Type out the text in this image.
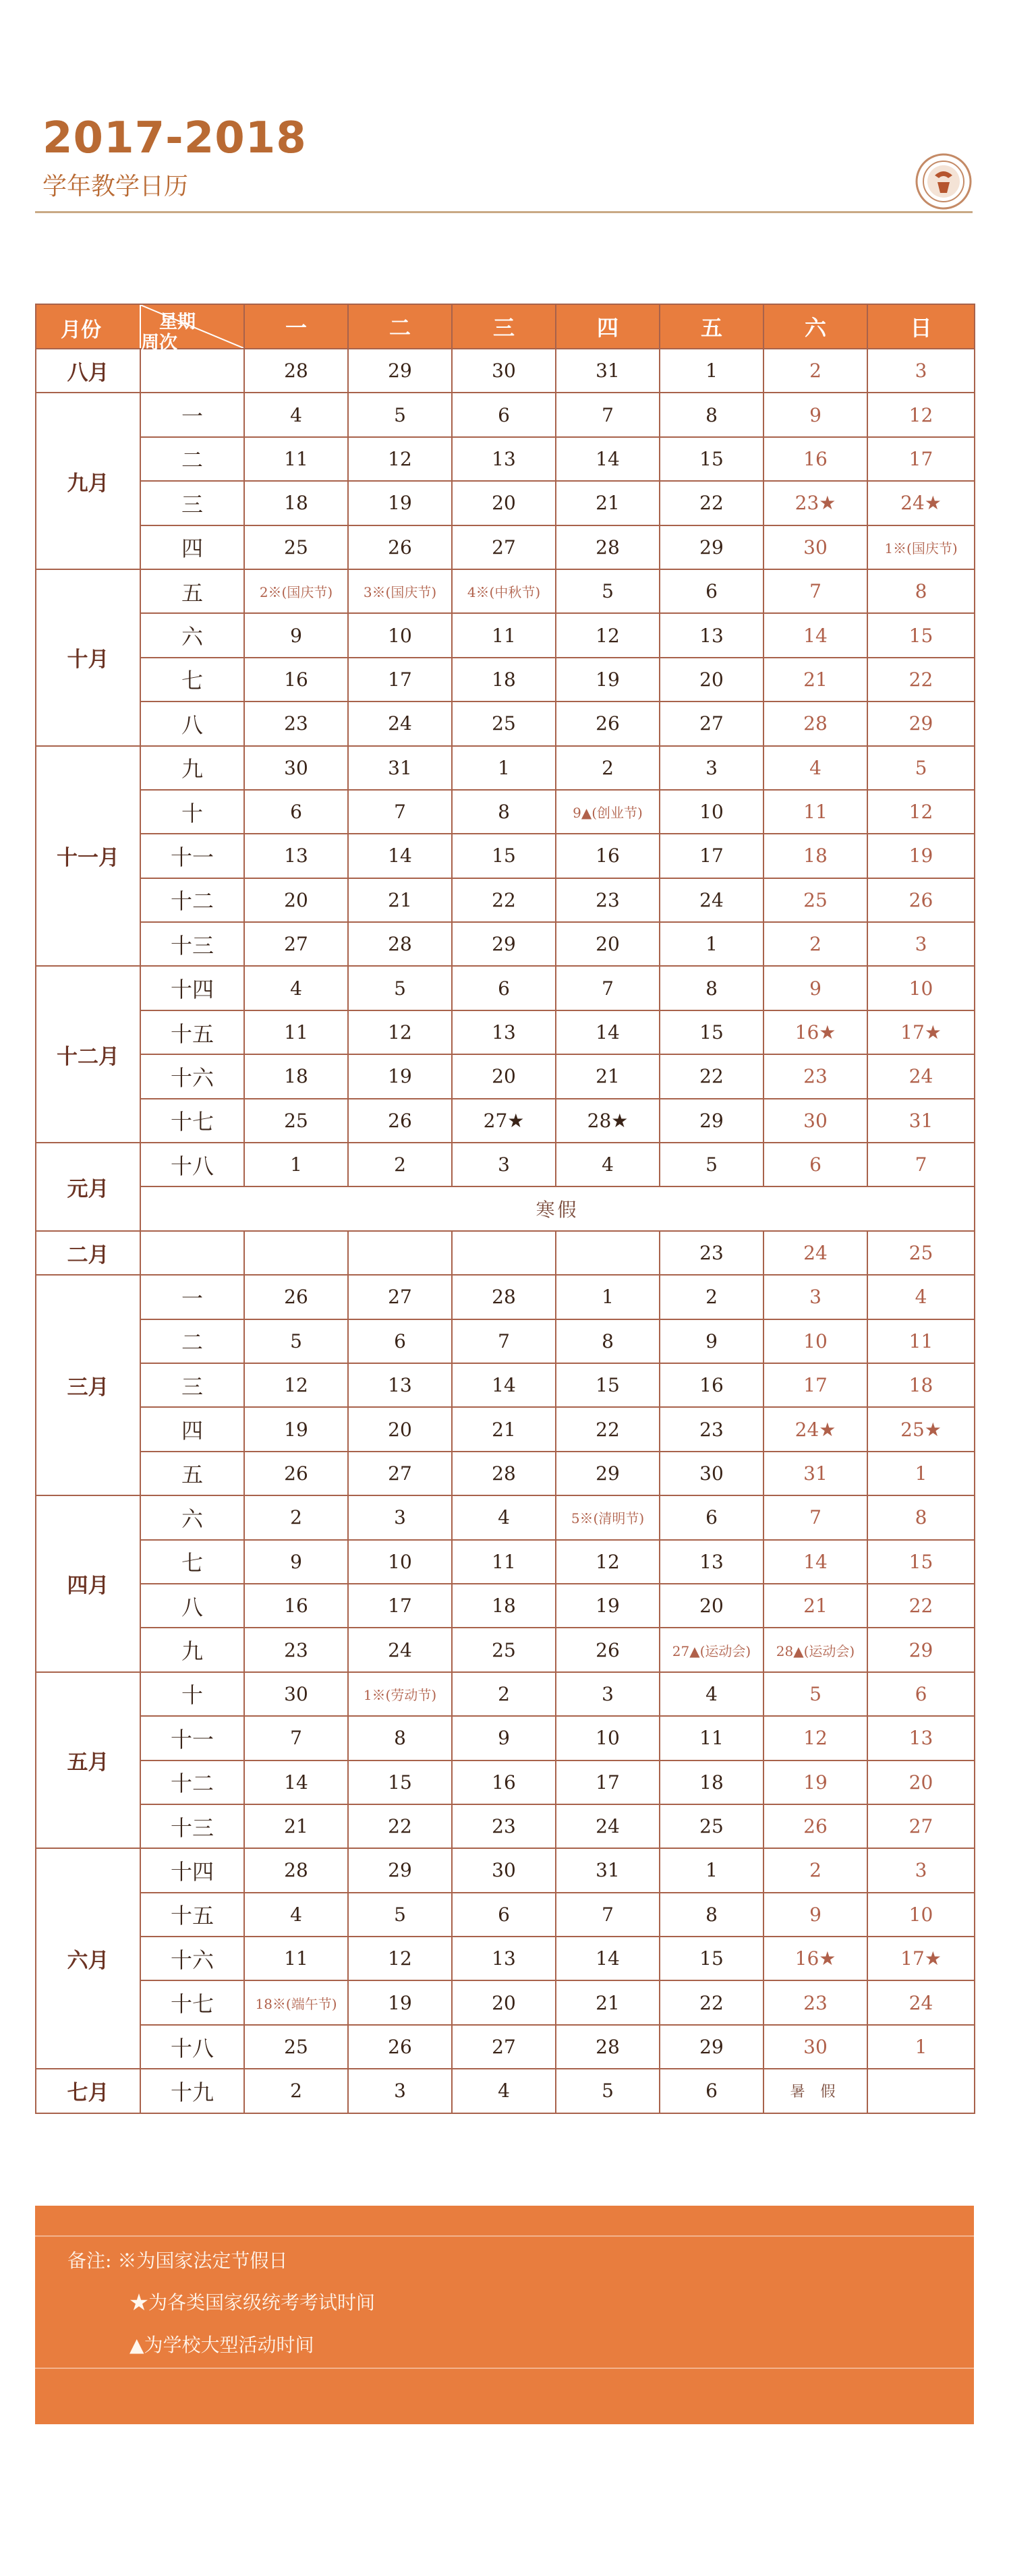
2017-2018
学年教学日历
月份 星期
周次		一	二	三	四	五	六	日
八月		28	29	30	31	1	2	3
九月	一	4	5	6	7	8	9	12
	二	11	12	13	14	15	16	17
	三	18	19	20	21	22	23★	24★
	四	25	26	27	28	29	30	1※(国庆节)
十月	五	2※(国庆节)	3※(国庆节)	4※(中秋节)	5	6	7	8
	六	9	10	11	12	13	14	15
	七	16	17	18	19	20	21	22
	八	23	24	25	26	27	28	29
十一月	九	30	31	1	2	3	4	5
	十	6	7	8	9▲(创业节)	10	11	12
	十一	13	14	15	16	17	18	19
	十二	20	21	22	23	24	25	26
	十三	27	28	29	20	1	2	3
十二月	十四	4	5	6	7	8	9	10
	十五	11	12	13	14	15	16★	17★
	十六	18	19	20	21	22	23	24
	十七	25	26	27★	28★	29	30	31
元月	十八	1	2	3	4	5	6	7
	寒假							
二月						23	24	25
三月	一	26	27	28	1	2	3	4
	二	5	6	7	8	9	10	11
	三	12	13	14	15	16	17	18
	四	19	20	21	22	23	24★	25★
	五	26	27	28	29	30	31	1
四月	六	2	3	4	5※(清明节)	6	7	8
	七	9	10	11	12	13	14	15
	八	16	17	18	19	20	21	22
	九	23	24	25	26	27▲(运动会)	28▲(运动会)	29
五月	十	30	1※(劳动节)	2	3	4	5	6
	十一	7	8	9	10	11	12	13
	十二	14	15	16	17	18	19	20
	十三	21	22	23	24	25	26	27
六月	十四	28	29	30	31	1	2	3
	十五	4	5	6	7	8	9	10
	十六	11	12	13	14	15	16★	17★
	十七	18※(端午节)	19	20	21	22	23	24
	十八	25	26	27	28	29	30	1
七月	十九	2	3	4	5	6	暑 假	
备注: ※为国家法定节假日
★为各类国家级统考考试时间
▲为学校大型活动时间
